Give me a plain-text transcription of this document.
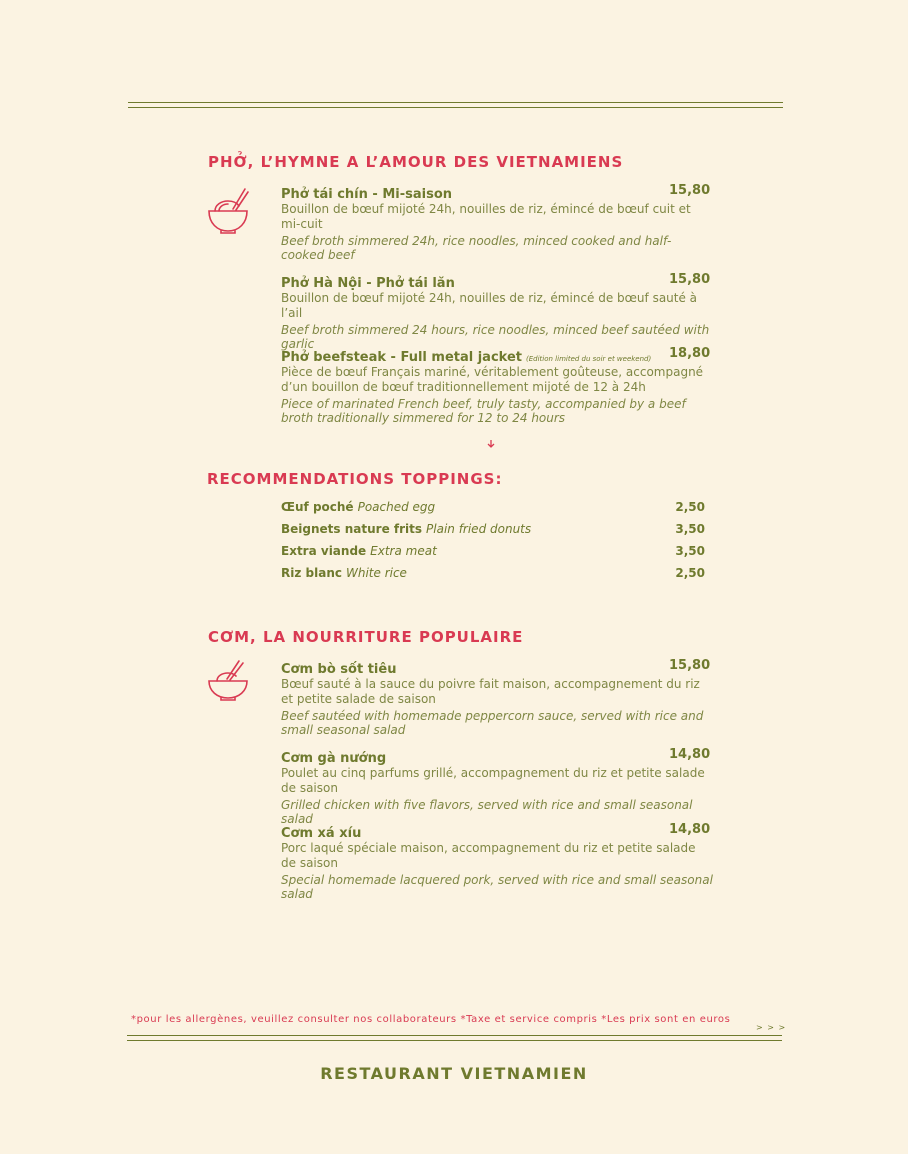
PHỞ, L’HYMNE A L’AMOUR DES VIETNAMIENS
Phở tái chín - Mi-saison	15,80
Bouillon de bœuf mijoté 24h, nouilles de riz, émincé de bœuf cuit et mi-cuit
Beef broth simmered 24h, rice noodles, minced cooked and half-cooked beef
Phở Hà Nội - Phở tái lăn	15,80
Bouillon de bœuf mijoté 24h, nouilles de riz, émincé de bœuf sauté à l’ail
Beef broth simmered 24 hours, rice noodles, minced beef sautéed with garlic
Phở beefsteak - Full metal jacket (Edition limited du soir et weekend) 18,80
Pièce de bœuf Français mariné, véritablement goûteuse, accompagné d’un bouillon de bœuf traditionnellement mijoté de 12 à 24h
Piece of marinated French beef, truly tasty, accompanied by a beef broth traditionally simmered for 12 to 24 hours
RECOMMENDATIONS TOPPINGS:
Œuf poché Poached egg	2,50
Beignets nature frits Plain fried donuts	3,50
Extra viande Extra meat	3,50
Riz blanc White rice	2,50
CƠM, LA NOURRITURE POPULAIRE
Cơm bò sốt tiêu	15,80
Bœuf sauté à la sauce du poivre fait maison, accompagnement du riz et petite salade de saison
Beef sautéed with homemade peppercorn sauce, served with rice and small seasonal salad
Cơm gà nướng	14,80
Poulet au cinq parfums grillé, accompagnement du riz et petite salade de saison
Grilled chicken with five flavors, served with rice and small seasonal salad
Cơm xá xíu	14,80
Porc laqué spéciale maison, accompagnement du riz et petite salade de saison
Special homemade lacquered pork, served with rice and small seasonal salad
*pour les allergènes, veuillez consulter nos collaborateurs *Taxe et service compris *Les prix sont en euros
> > >
RESTAURANT VIETNAMIEN
